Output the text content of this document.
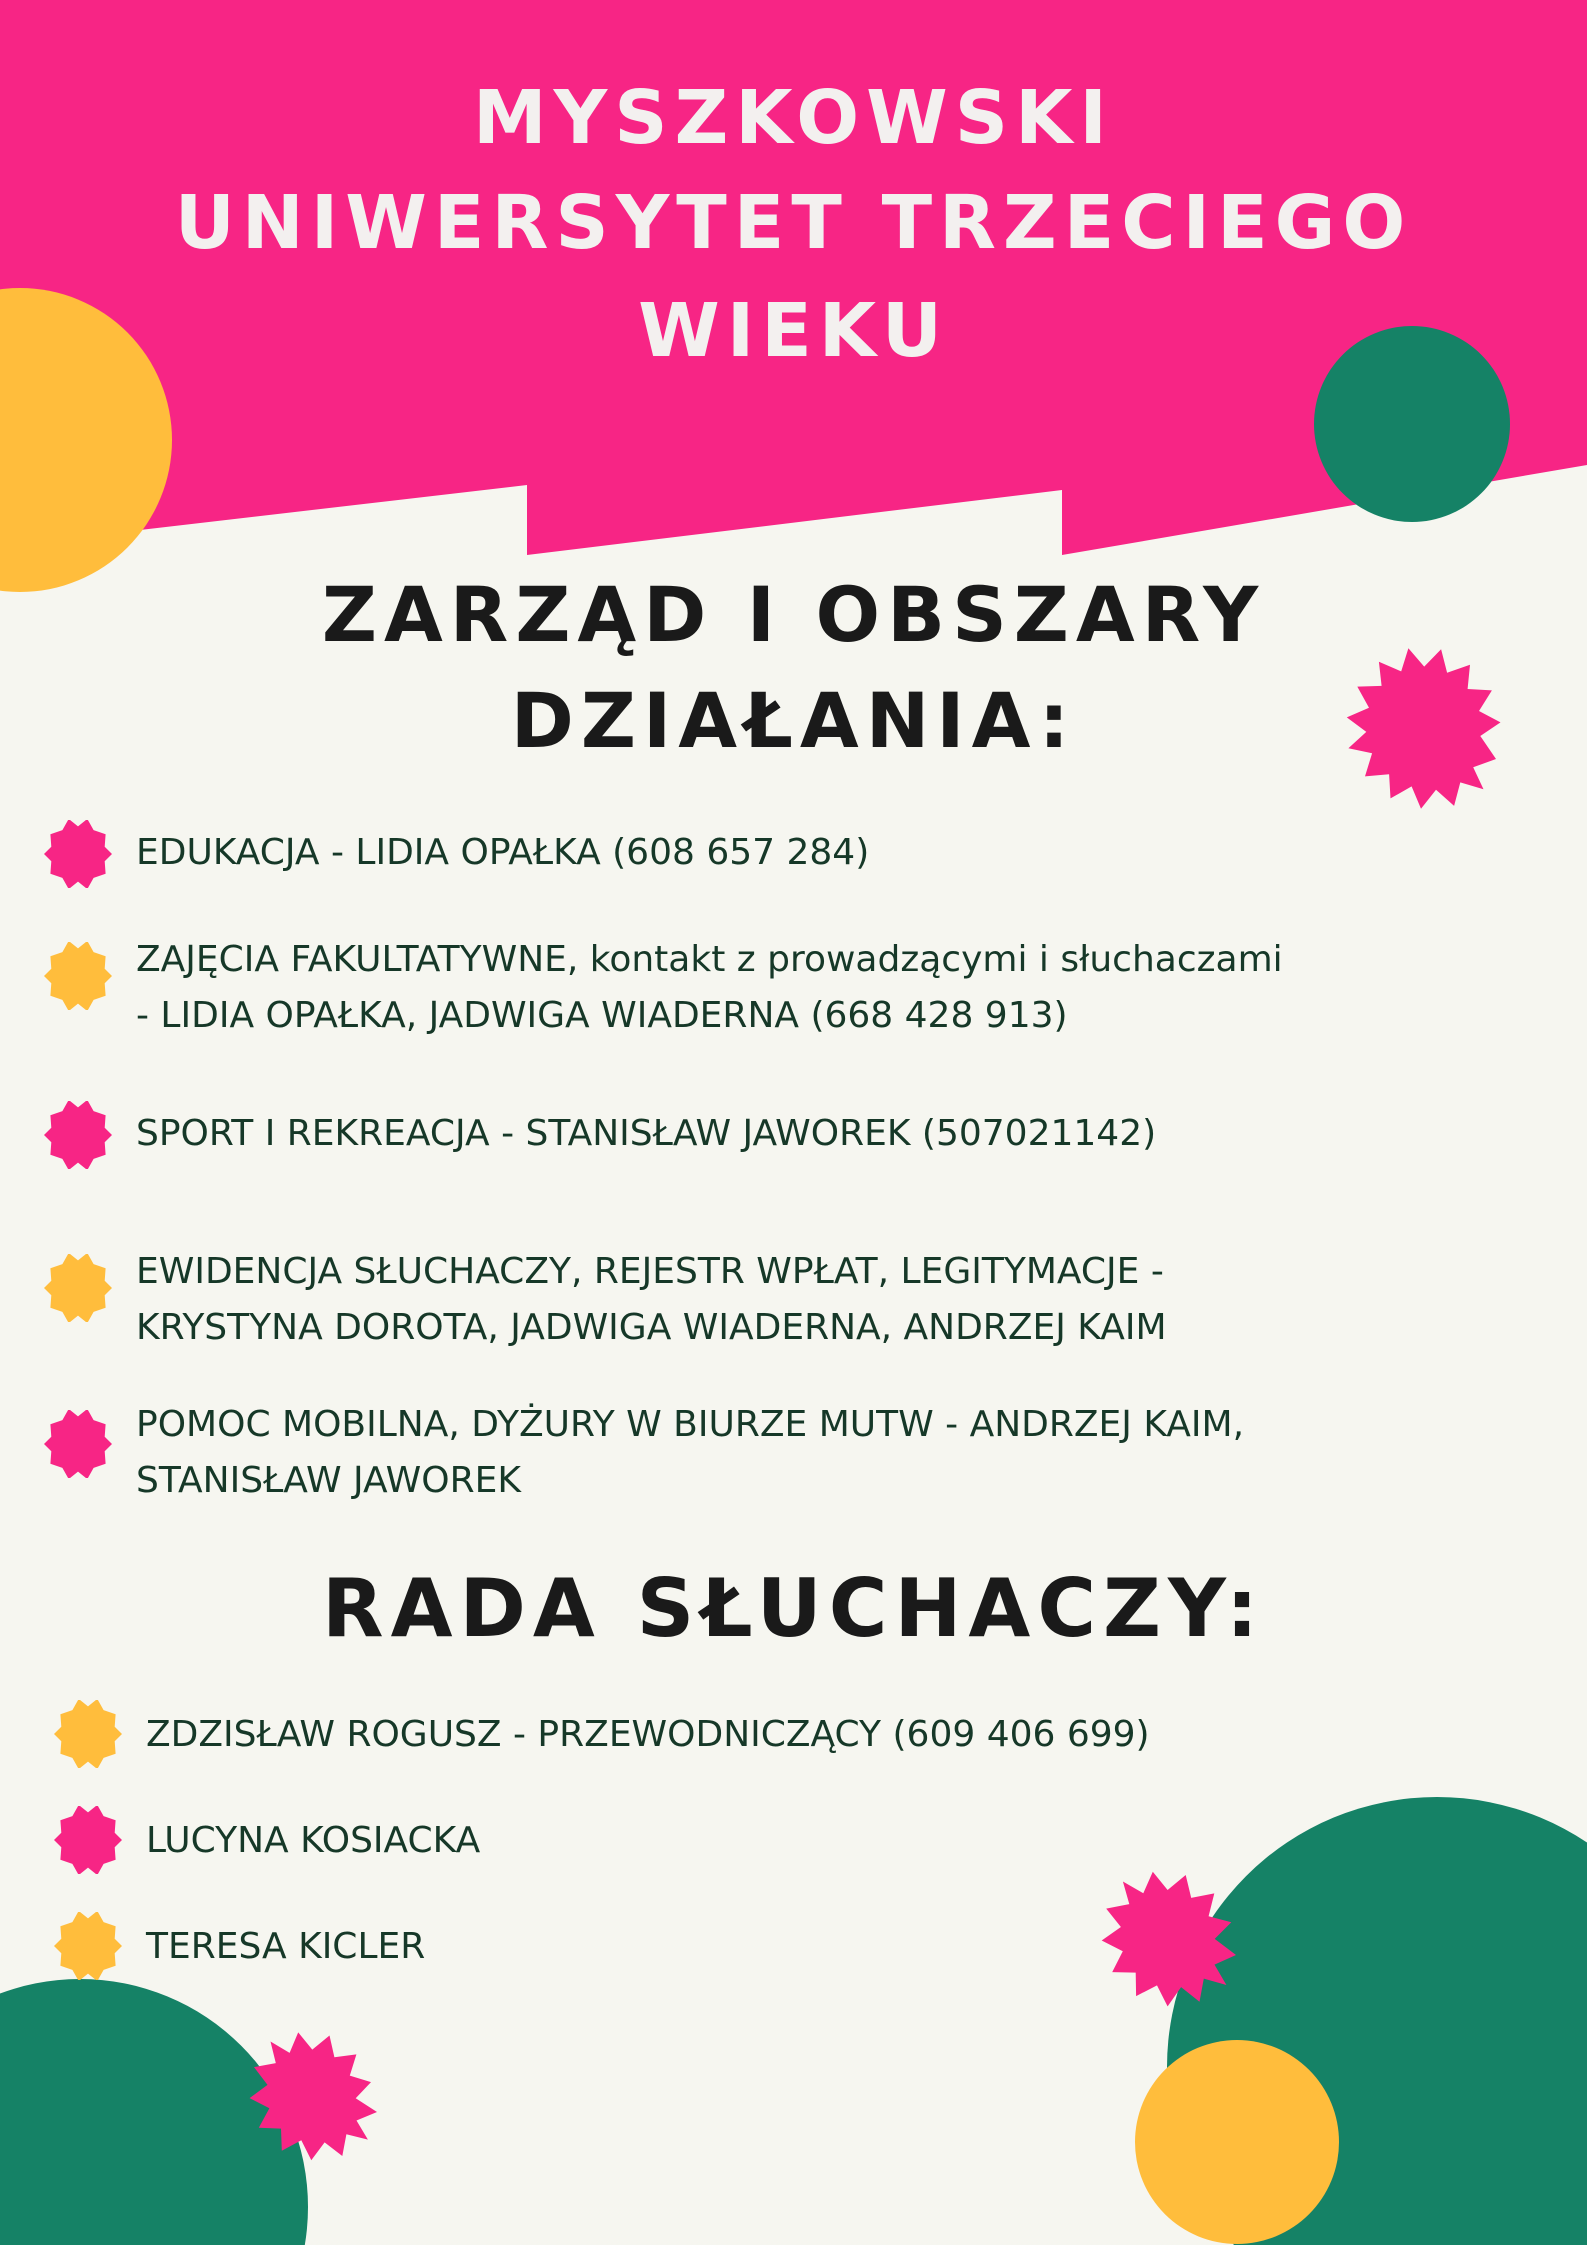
MYSZKOWSKI
UNIWERSYTET TRZECIEGO
WIEKU
ZARZĄD I OBSZARY
DZIAŁANIA:

EDUKACJA - LIDIA OPAŁKA (608 657 284)

ZAJĘCIA FAKULTATYWNE, kontakt z prowadzącymi i słuchaczami

- LIDIA OPAŁKA, JADWIGA WIADERNA (668 428 913)

SPORT I REKREACJA - STANISŁAW JAWOREK (507021142)

EWIDENCJA SŁUCHACZY, REJESTR WPŁAT, LEGITYMACJE -

KRYSTYNA DOROTA, JADWIGA WIADERNA, ANDRZEJ KAIM

POMOC MOBILNA, DYŻURY W BIURZE MUTW - ANDRZEJ KAIM,

STANISŁAW JAWOREK

RADA SŁUCHACZY:

ZDZISŁAW ROGUSZ - PRZEWODNICZĄCY (609 406 699)

LUCYNA KOSIACKA

TERESA KICLER
